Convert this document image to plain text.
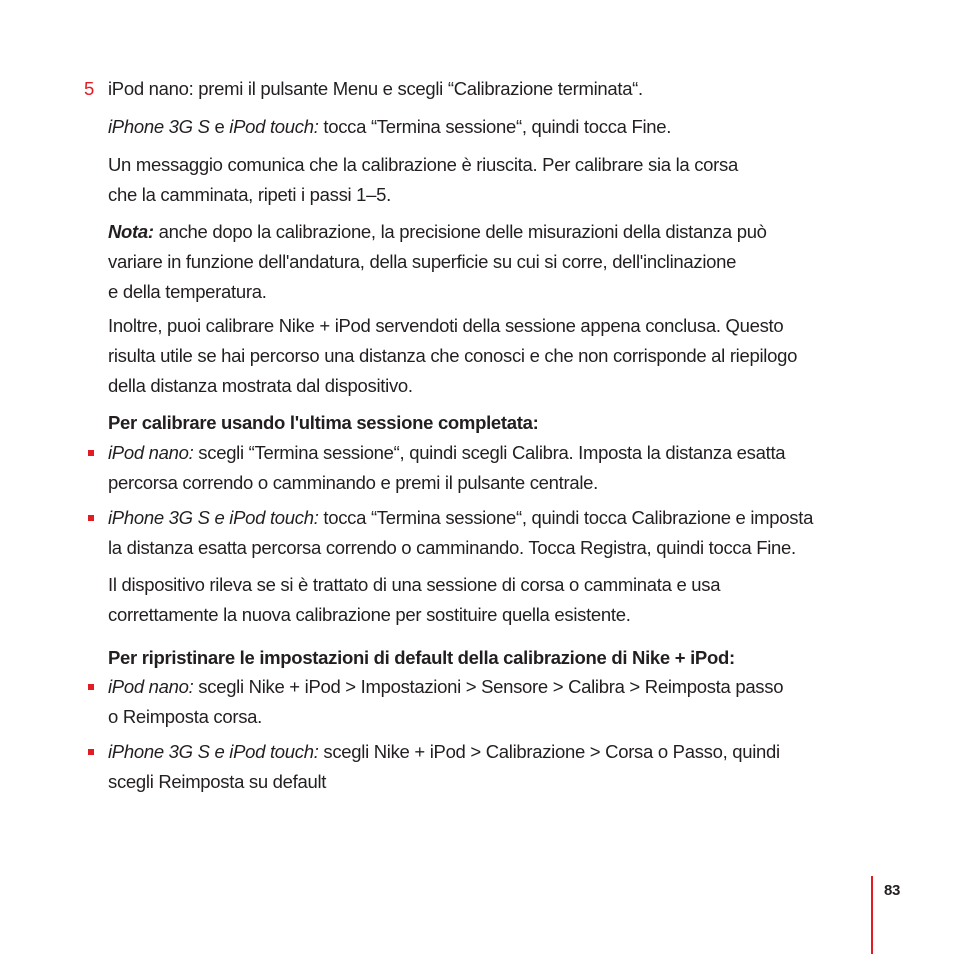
5 iPod nano: premi il pulsante Menu e scegli “Calibrazione terminata“.
iPhone 3G S e iPod touch: tocca “Termina sessione“, quindi tocca Fine.
Un messaggio comunica che la calibrazione è riuscita. Per calibrare sia la corsa
che la camminata, ripeti i passi 1–5.
Nota: anche dopo la calibrazione, la precisione delle misurazioni della distanza può
variare in funzione dell'andatura, della superficie su cui si corre, dell'inclinazione
e della temperatura.
Inoltre, puoi calibrare Nike + iPod servendoti della sessione appena conclusa. Questo
risulta utile se hai percorso una distanza che conosci e che non corrisponde al riepilogo
della distanza mostrata dal dispositivo.
Per calibrare usando l'ultima sessione completata:
iPod nano: scegli “Termina sessione“, quindi scegli Calibra. Imposta la distanza esatta
percorsa correndo o camminando e premi il pulsante centrale.
iPhone 3G S e iPod touch: tocca “Termina sessione“, quindi tocca Calibrazione e imposta
la distanza esatta percorsa correndo o camminando. Tocca Registra, quindi tocca Fine.
Il dispositivo rileva se si è trattato di una sessione di corsa o camminata e usa
correttamente la nuova calibrazione per sostituire quella esistente.
Per ripristinare le impostazioni di default della calibrazione di Nike + iPod:
iPod nano: scegli Nike + iPod > Impostazioni > Sensore > Calibra > Reimposta passo
o Reimposta corsa.
iPhone 3G S e iPod touch: scegli Nike + iPod > Calibrazione > Corsa o Passo, quindi
scegli Reimposta su default
83
